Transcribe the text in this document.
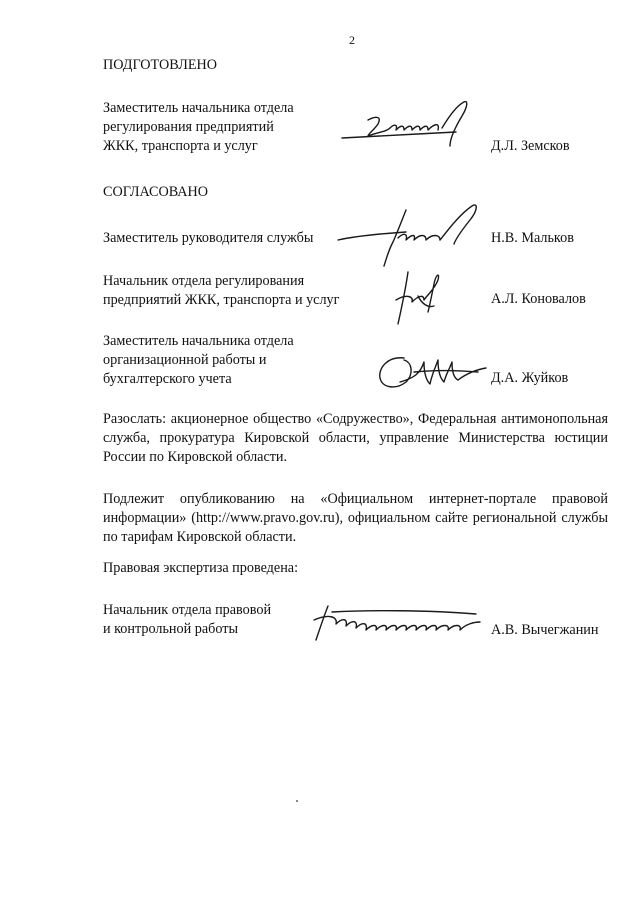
2
ПОДГОТОВЛЕНО
Заместитель начальника отдела
регулирования предприятий
ЖКК, транспорта и услуг	Д.Л. Земсков
СОГЛАСОВАНО
Заместитель руководителя службы	Н.В. Мальков
Начальник отдела регулирования
предприятий ЖКК, транспорта и услуг	А.Л. Коновалов
Заместитель начальника отдела
организационной работы и
бухгалтерского учета	Д.А. Жуйков
Разослать: акционерное общество «Содружество», Федеральная антимонопольная служба, прокуратура Кировской области, управление Министерства юстиции России по Кировской области.
Подлежит опубликованию на «Официальном интернет-портале правовой информации» (http://www.pravo.gov.ru), официальном сайте региональной службы по тарифам Кировской области.
Правовая экспертиза проведена:
Начальник отдела правовой
и контрольной работы	А.В. Вычегжанин
